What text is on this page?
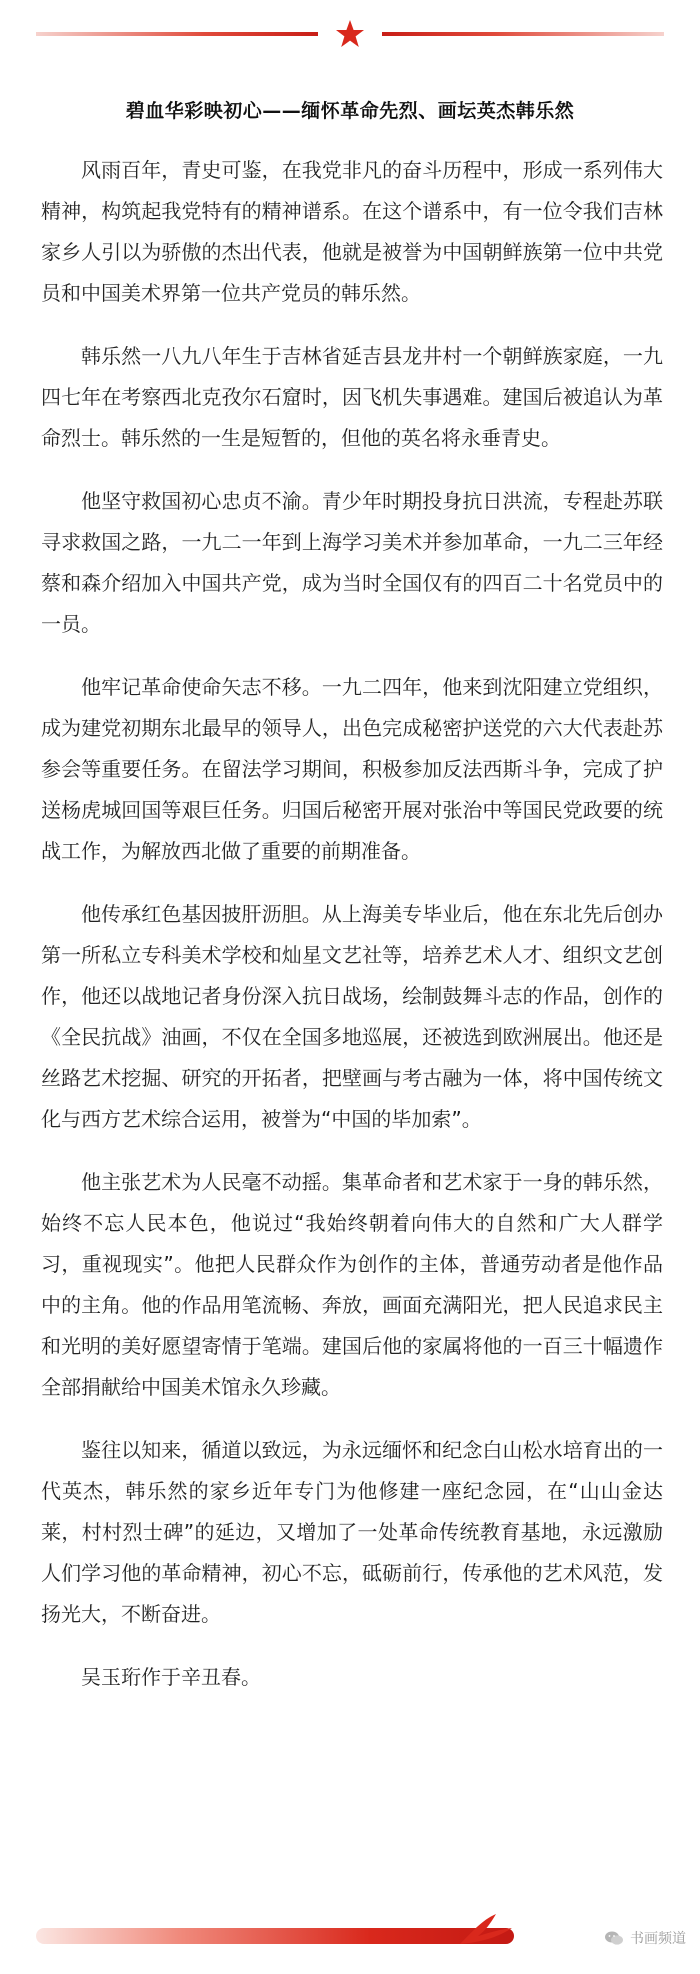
碧血华彩映初心——缅怀革命先烈、画坛英杰韩乐然

风雨百年，青史可鉴，在我党非凡的奋斗历程中，形成一系列伟大精神，构筑起我党特有的精神谱系。在这个谱系中，有一位令我们吉林家乡人引以为骄傲的杰出代表，他就是被誉为中国朝鲜族第一位中共党员和中国美术界第一位共产党员的韩乐然。

韩乐然一八九八年生于吉林省延吉县龙井村一个朝鲜族家庭，一九四七年在考察西北克孜尔石窟时，因飞机失事遇难。建国后被追认为革命烈士。韩乐然的一生是短暂的，但他的英名将永垂青史。

他坚守救国初心忠贞不渝。青少年时期投身抗日洪流，专程赴苏联寻求救国之路，一九二一年到上海学习美术并参加革命，一九二三年经蔡和森介绍加入中国共产党，成为当时全国仅有的四百二十名党员中的一员。

他牢记革命使命矢志不移。一九二四年，他来到沈阳建立党组织，成为建党初期东北最早的领导人，出色完成秘密护送党的六大代表赴苏参会等重要任务。在留法学习期间，积极参加反法西斯斗争，完成了护送杨虎城回国等艰巨任务。归国后秘密开展对张治中等国民党政要的统战工作，为解放西北做了重要的前期准备。

他传承红色基因披肝沥胆。从上海美专毕业后，他在东北先后创办第一所私立专科美术学校和灿星文艺社等，培养艺术人才、组织文艺创作，他还以战地记者身份深入抗日战场，绘制鼓舞斗志的作品，创作的《全民抗战》油画，不仅在全国多地巡展，还被选到欧洲展出。他还是丝路艺术挖掘、研究的开拓者，把壁画与考古融为一体，将中国传统文化与西方艺术综合运用，被誉为“中国的毕加索”。

他主张艺术为人民毫不动摇。集革命者和艺术家于一身的韩乐然，始终不忘人民本色，他说过“我始终朝着向伟大的自然和广大人群学习，重视现实”。他把人民群众作为创作的主体，普通劳动者是他作品中的主角。他的作品用笔流畅、奔放，画面充满阳光，把人民追求民主和光明的美好愿望寄情于笔端。建国后他的家属将他的一百三十幅遗作全部捐献给中国美术馆永久珍藏。

鉴往以知来，循道以致远，为永远缅怀和纪念白山松水培育出的一代英杰，韩乐然的家乡近年专门为他修建一座纪念园，在“山山金达莱，村村烈士碑”的延边，又增加了一处革命传统教育基地，永远激励人们学习他的革命精神，初心不忘，砥砺前行，传承他的艺术风范，发扬光大，不断奋进。

吴玉珩作于辛丑春。

书画频道
